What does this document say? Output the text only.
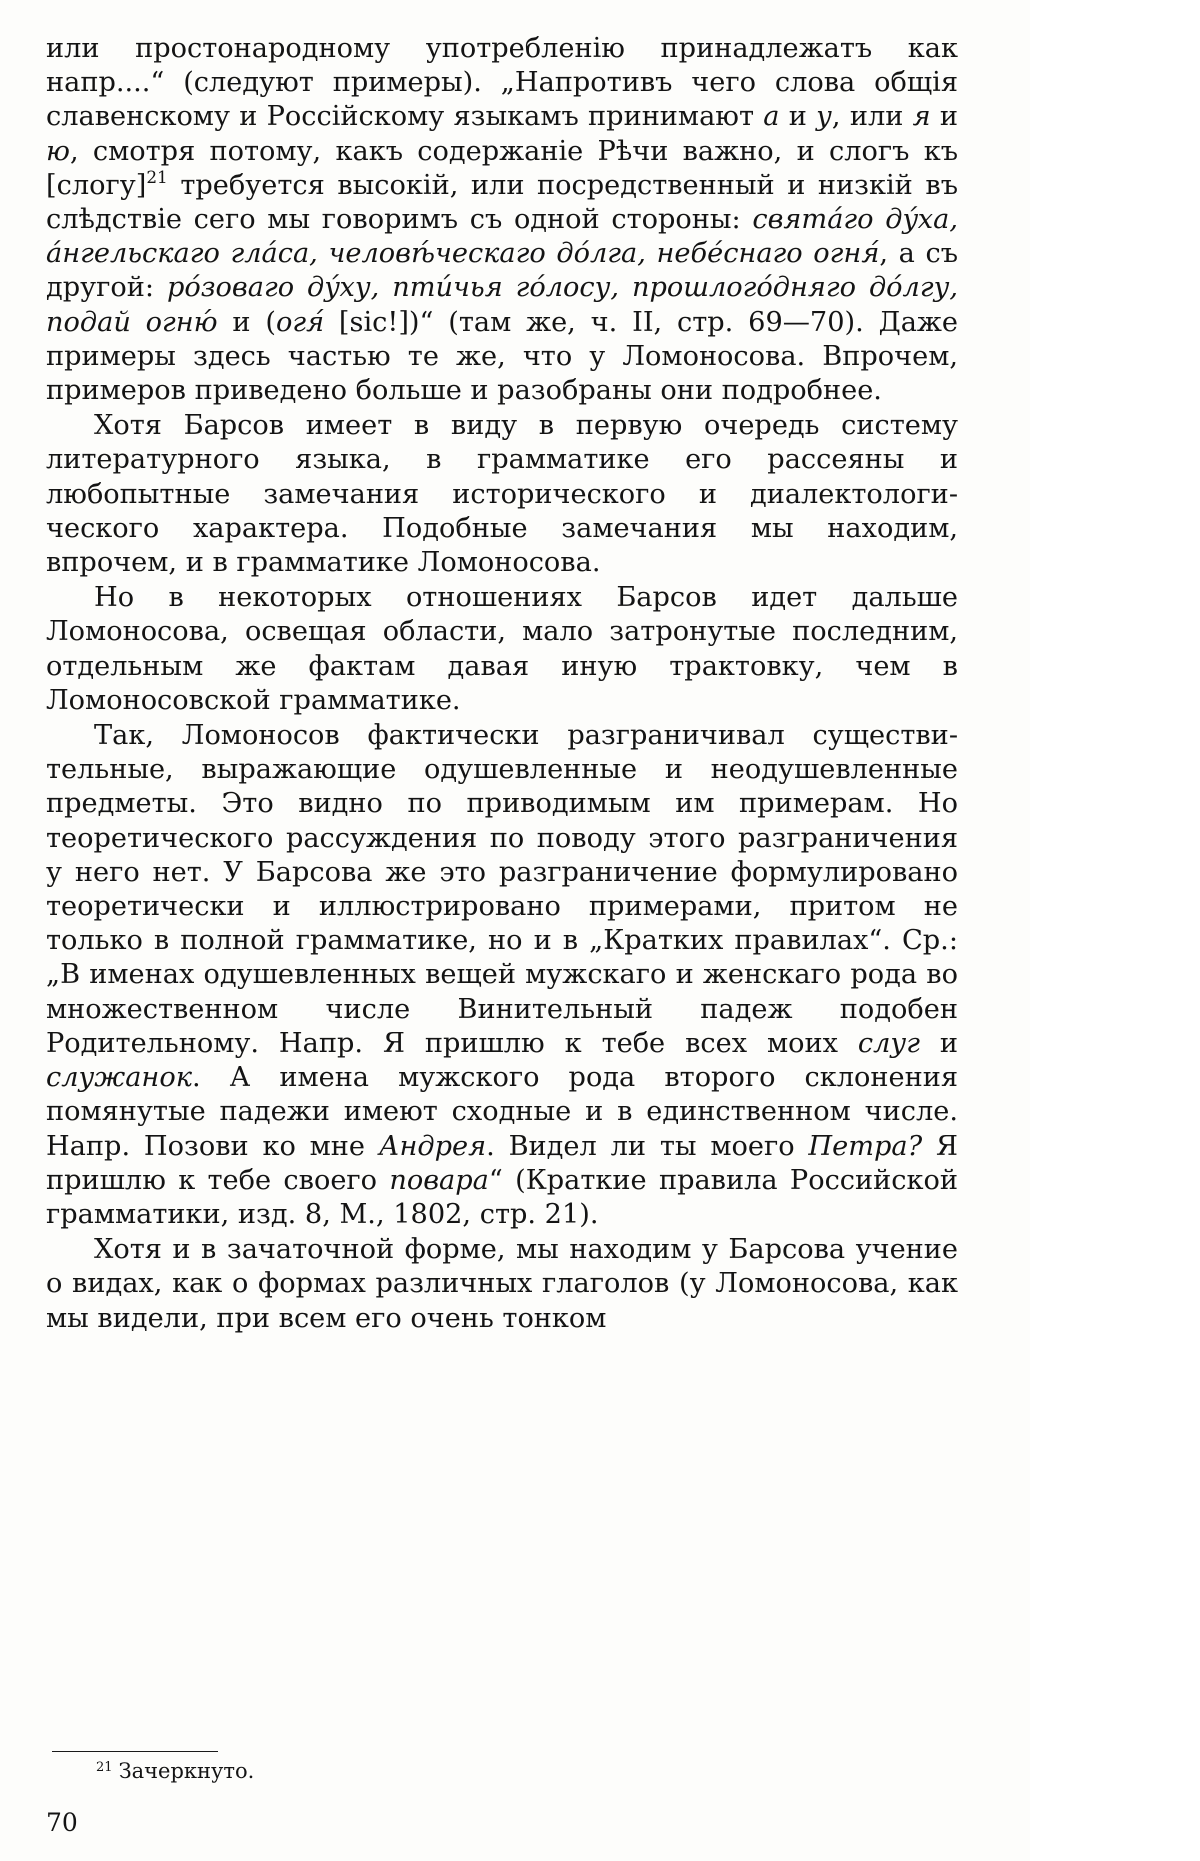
или простонародному употребленію принадлежатъ как напр....“ (следуют примеры). „Напротивъ чего слова общія славенскому и Россійскому языкамъ принимают а и у, или я и ю, смотря потому, какъ содержаніе Рѣчи важно, и слогъ къ [слогу]$^{21}$ требуется высокій, или посредственный и низкій въ слѣдствіе сего мы говоримъ съ одной стороны: святáго дýха, áнгельскаго глáса, человѣ́ческаго дóлга, небéснаго огня́, а съ другой: рóзоваго дýху, птúчья гóлосу, прошлогóдняго дóлгу, подай огню́ и (огя́ [sic!])“ (там же, ч. II, стр. 69—70). Даже примеры здесь частью те же, что у Ломоносова. Впрочем, примеров приведено больше и разобраны они подробнее.

Хотя Барсов имеет в виду в первую очередь систему литературного языка, в грамматике его рассеяны и любопытные замечания исторического и диалектологического характера. Подобные замечания мы находим, впрочем, и в грамматике Ломоносова.

Но в некоторых отношениях Барсов идет дальше Ломоносова, освещая области, мало затронутые последним, отдельным же фактам давая иную трактовку, чем в Ломоносовской грамматике.

Так, Ломоносов фактически разграничивал существительные, выражающие одушевленные и неодушевленные предметы. Это видно по приводимым им примерам. Но теоретического рассуждения по поводу этого разграничения у него нет. У Барсова же это разграничение формулировано теоретически и иллюстрировано примерами, притом не только в полной грамматике, но и в „Кратких правилах“. Ср.: „В именах одушевленных вещей мужскаго и женскаго рода во множественном числе Винительный падеж подобен Родительному. Напр. Я пришлю к тебе всех моих слуг и служанок. А имена мужского рода второго склонения помянутые падежи имеют сходные и в единственном числе. Напр. Позови ко мне Андрея. Видел ли ты моего Петра? Я пришлю к тебе своего повара“ (Краткие правила Российской грамматики, изд. 8, М., 1802, стр. 21).

Хотя и в зачаточной форме, мы находим у Барсова учение о видах, как о формах различных глаголов (у Ломоносова, как мы видели, при всем его очень тонком

$^{21}$ Зачеркнуто.
70
